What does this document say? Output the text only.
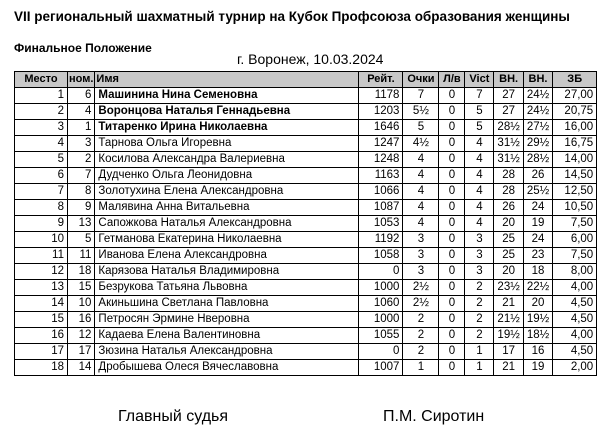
VII региональный шахматный турнир на Кубок Профсоюза образования женщины
Финальное Положение
г. Воронеж, 10.03.2024
Место	ном.	Имя	Рейт.	Очки	Л/в	Vict	ВН.	ВН.	ЗБ
1	6	Машинина Нина Семеновна	1178	7	0	7	27	24½	27,00
2	4	Воронцова Наталья Геннадьевна	1203	5½	0	5	27	24½	20,75
3	1	Титаренко Ирина Николаевна	1646	5	0	5	28½	27½	16,00
4	3	Тарнова Ольга Игоревна	1247	4½	0	4	31½	29½	16,75
5	2	Косилова Александра Валериевна	1248	4	0	4	31½	28½	14,00
6	7	Дудченко Ольга Леонидовна	1163	4	0	4	28	26	14,50
7	8	Золотухина Елена Александровна	1066	4	0	4	28	25½	12,50
8	9	Малявина Анна Витальевна	1087	4	0	4	26	24	10,50
9	13	Сапожкова Наталья Александровна	1053	4	0	4	20	19	7,50
10	5	Гетманова Екатерина Николаевна	1192	3	0	3	25	24	6,00
11	11	Иванова Елена Александровна	1058	3	0	3	25	23	7,50
12	18	Карязова Наталья Владимировна	0	3	0	3	20	18	8,00
13	15	Безрукова Татьяна Львовна	1000	2½	0	2	23½	22½	4,00
14	10	Акиньшина Светлана Павловна	1060	2½	0	2	21	20	4,50
15	16	Петросян Эрмине Нверовна	1000	2	0	2	21½	19½	4,50
16	12	Кадаева Елена Валентиновна	1055	2	0	2	19½	18½	4,00
17	17	Зюзина Наталья Александровна	0	2	0	1	17	16	4,50
18	14	Дробышева Олеся Вячеславовна	1007	1	0	1	21	19	2,00
Главный судья	П.М. Сиротин
